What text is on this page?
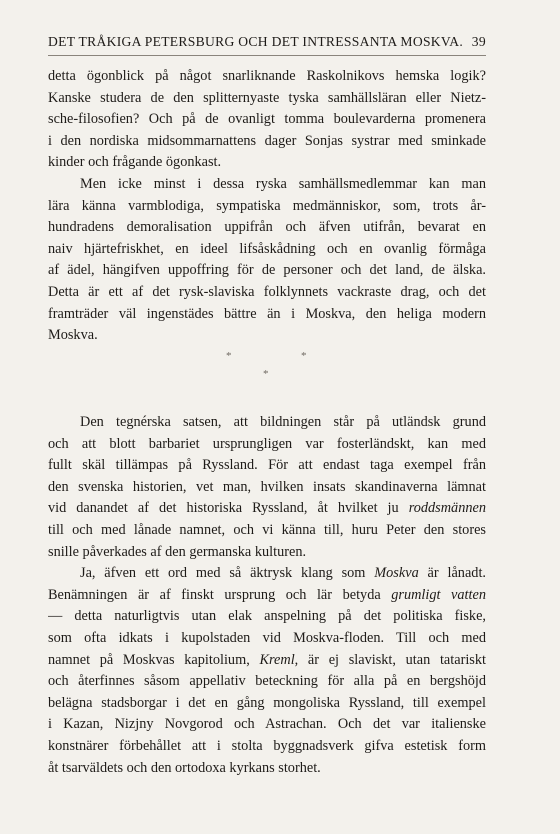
DET TRÅKIGA PETERSBURG OCH DET INTRESSANTA MOSKVA. 39
detta ögonblick på något snarliknande Raskolnikovs hemska logik?
Kanske studera de den splitternyaste tyska samhällsläran eller Nietz-
sche-filosofien? Och på de ovanligt tomma boulevarderna promenera
i den nordiska midsommarnattens dager Sonjas systrar med sminkade
kinder och frågande ögonkast.
Men icke minst i dessa ryska samhällsmedlemmar kan man
lära känna varmblodiga, sympatiska medmänniskor, som, trots år-
hundradens demoralisation uppifrån och äfven utifrån, bevarat en
naiv hjärtefriskhet, en ideel lifsåskådning och en ovanlig förmåga
af ädel, hängifven uppoffring för de personer och det land, de älska.
Detta är ett af det rysk-slaviska folklynnets vackraste drag, och det
framträder väl ingenstädes bättre än i Moskva, den heliga modern
Moskva.
*	*
*
Den tegnérska satsen, att bildningen står på utländsk grund
och att blott barbariet ursprungligen var fosterländskt, kan med
fullt skäl tillämpas på Ryssland. För att endast taga exempel från
den svenska historien, vet man, hvilken insats skandinaverna lämnat
vid danandet af det historiska Ryssland, åt hvilket ju roddsmännen
till och med lånade namnet, och vi känna till, huru Peter den stores
snille påverkades af den germanska kulturen.
Ja, äfven ett ord med så äktrysk klang som Moskva är lånadt.
Benämningen är af finskt ursprung och lär betyda grumligt vatten
— detta naturligtvis utan elak anspelning på det politiska fiske,
som ofta idkats i kupolstaden vid Moskva-floden. Till och med
namnet på Moskvas kapitolium, Kreml, är ej slaviskt, utan tatariskt
och återfinnes såsom appellativ beteckning för alla på en bergshöjd
belägna stadsborgar i det en gång mongoliska Ryssland, till exempel
i Kazan, Nizjny Novgorod och Astrachan. Och det var italienske
konstnärer förbehållet att i stolta byggnadsverk gifva estetisk form
åt tsarväldets och den ortodoxa kyrkans storhet.
